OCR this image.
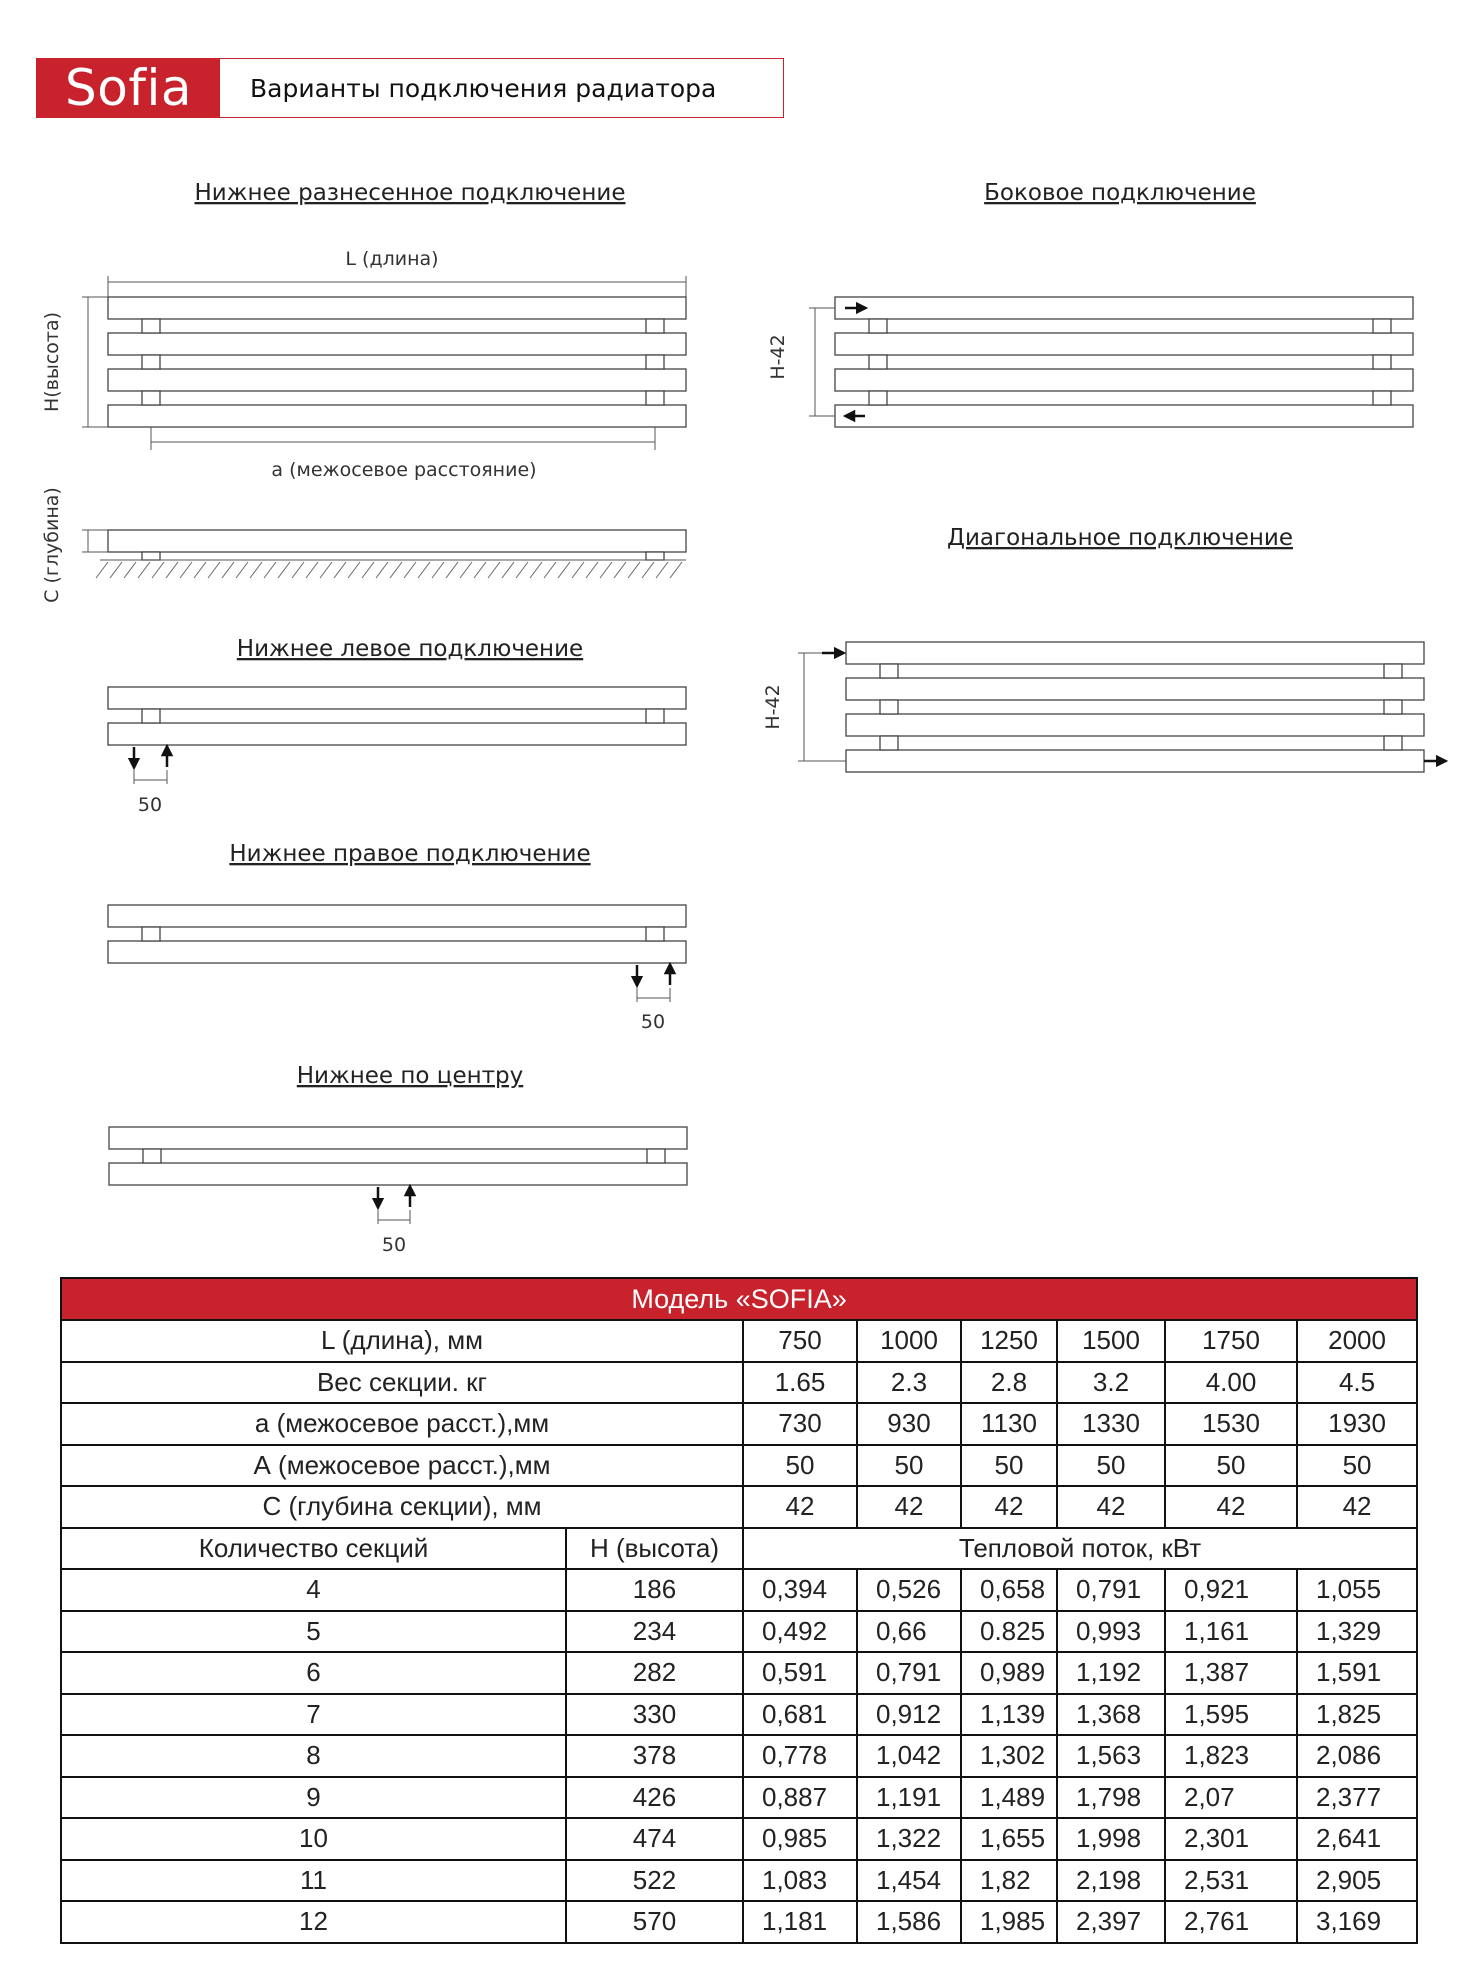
Sofia	Варианты подключения радиатора
Нижнее разнесенное подключение	Боковое подключение
Диагональное подключение
Нижнее левое подключение
Нижнее правое подключение
Нижнее по центру
L (длина)
H(высота)
а (межосевое расстояние)
С (глубина)
H-42
H-42
50
50
50
Модель «SOFIA»							
L (длина), мм		750	1000	1250	1500	1750	2000
Вес секции. кг		1.65	2.3	2.8	3.2	4.00	4.5
а (межосевое расст.),мм		730	930	1130	1330	1530	1930
А (межосевое расст.),мм		50	50	50	50	50	50
С (глубина секции), мм		42	42	42	42	42	42
Количество секций	H (высота)	Тепловой поток, кВт					
4	186	0,394	0,526	0,658	0,791	0,921	1,055
5	234	0,492	0,66	0.825	0,993	1,161	1,329
6	282	0,591	0,791	0,989	1,192	1,387	1,591
7	330	0,681	0,912	1,139	1,368	1,595	1,825
8	378	0,778	1,042	1,302	1,563	1,823	2,086
9	426	0,887	1,191	1,489	1,798	2,07	2,377
10	474	0,985	1,322	1,655	1,998	2,301	2,641
11	522	1,083	1,454	1,82	2,198	2,531	2,905
12	570	1,181	1,586	1,985	2,397	2,761	3,169
